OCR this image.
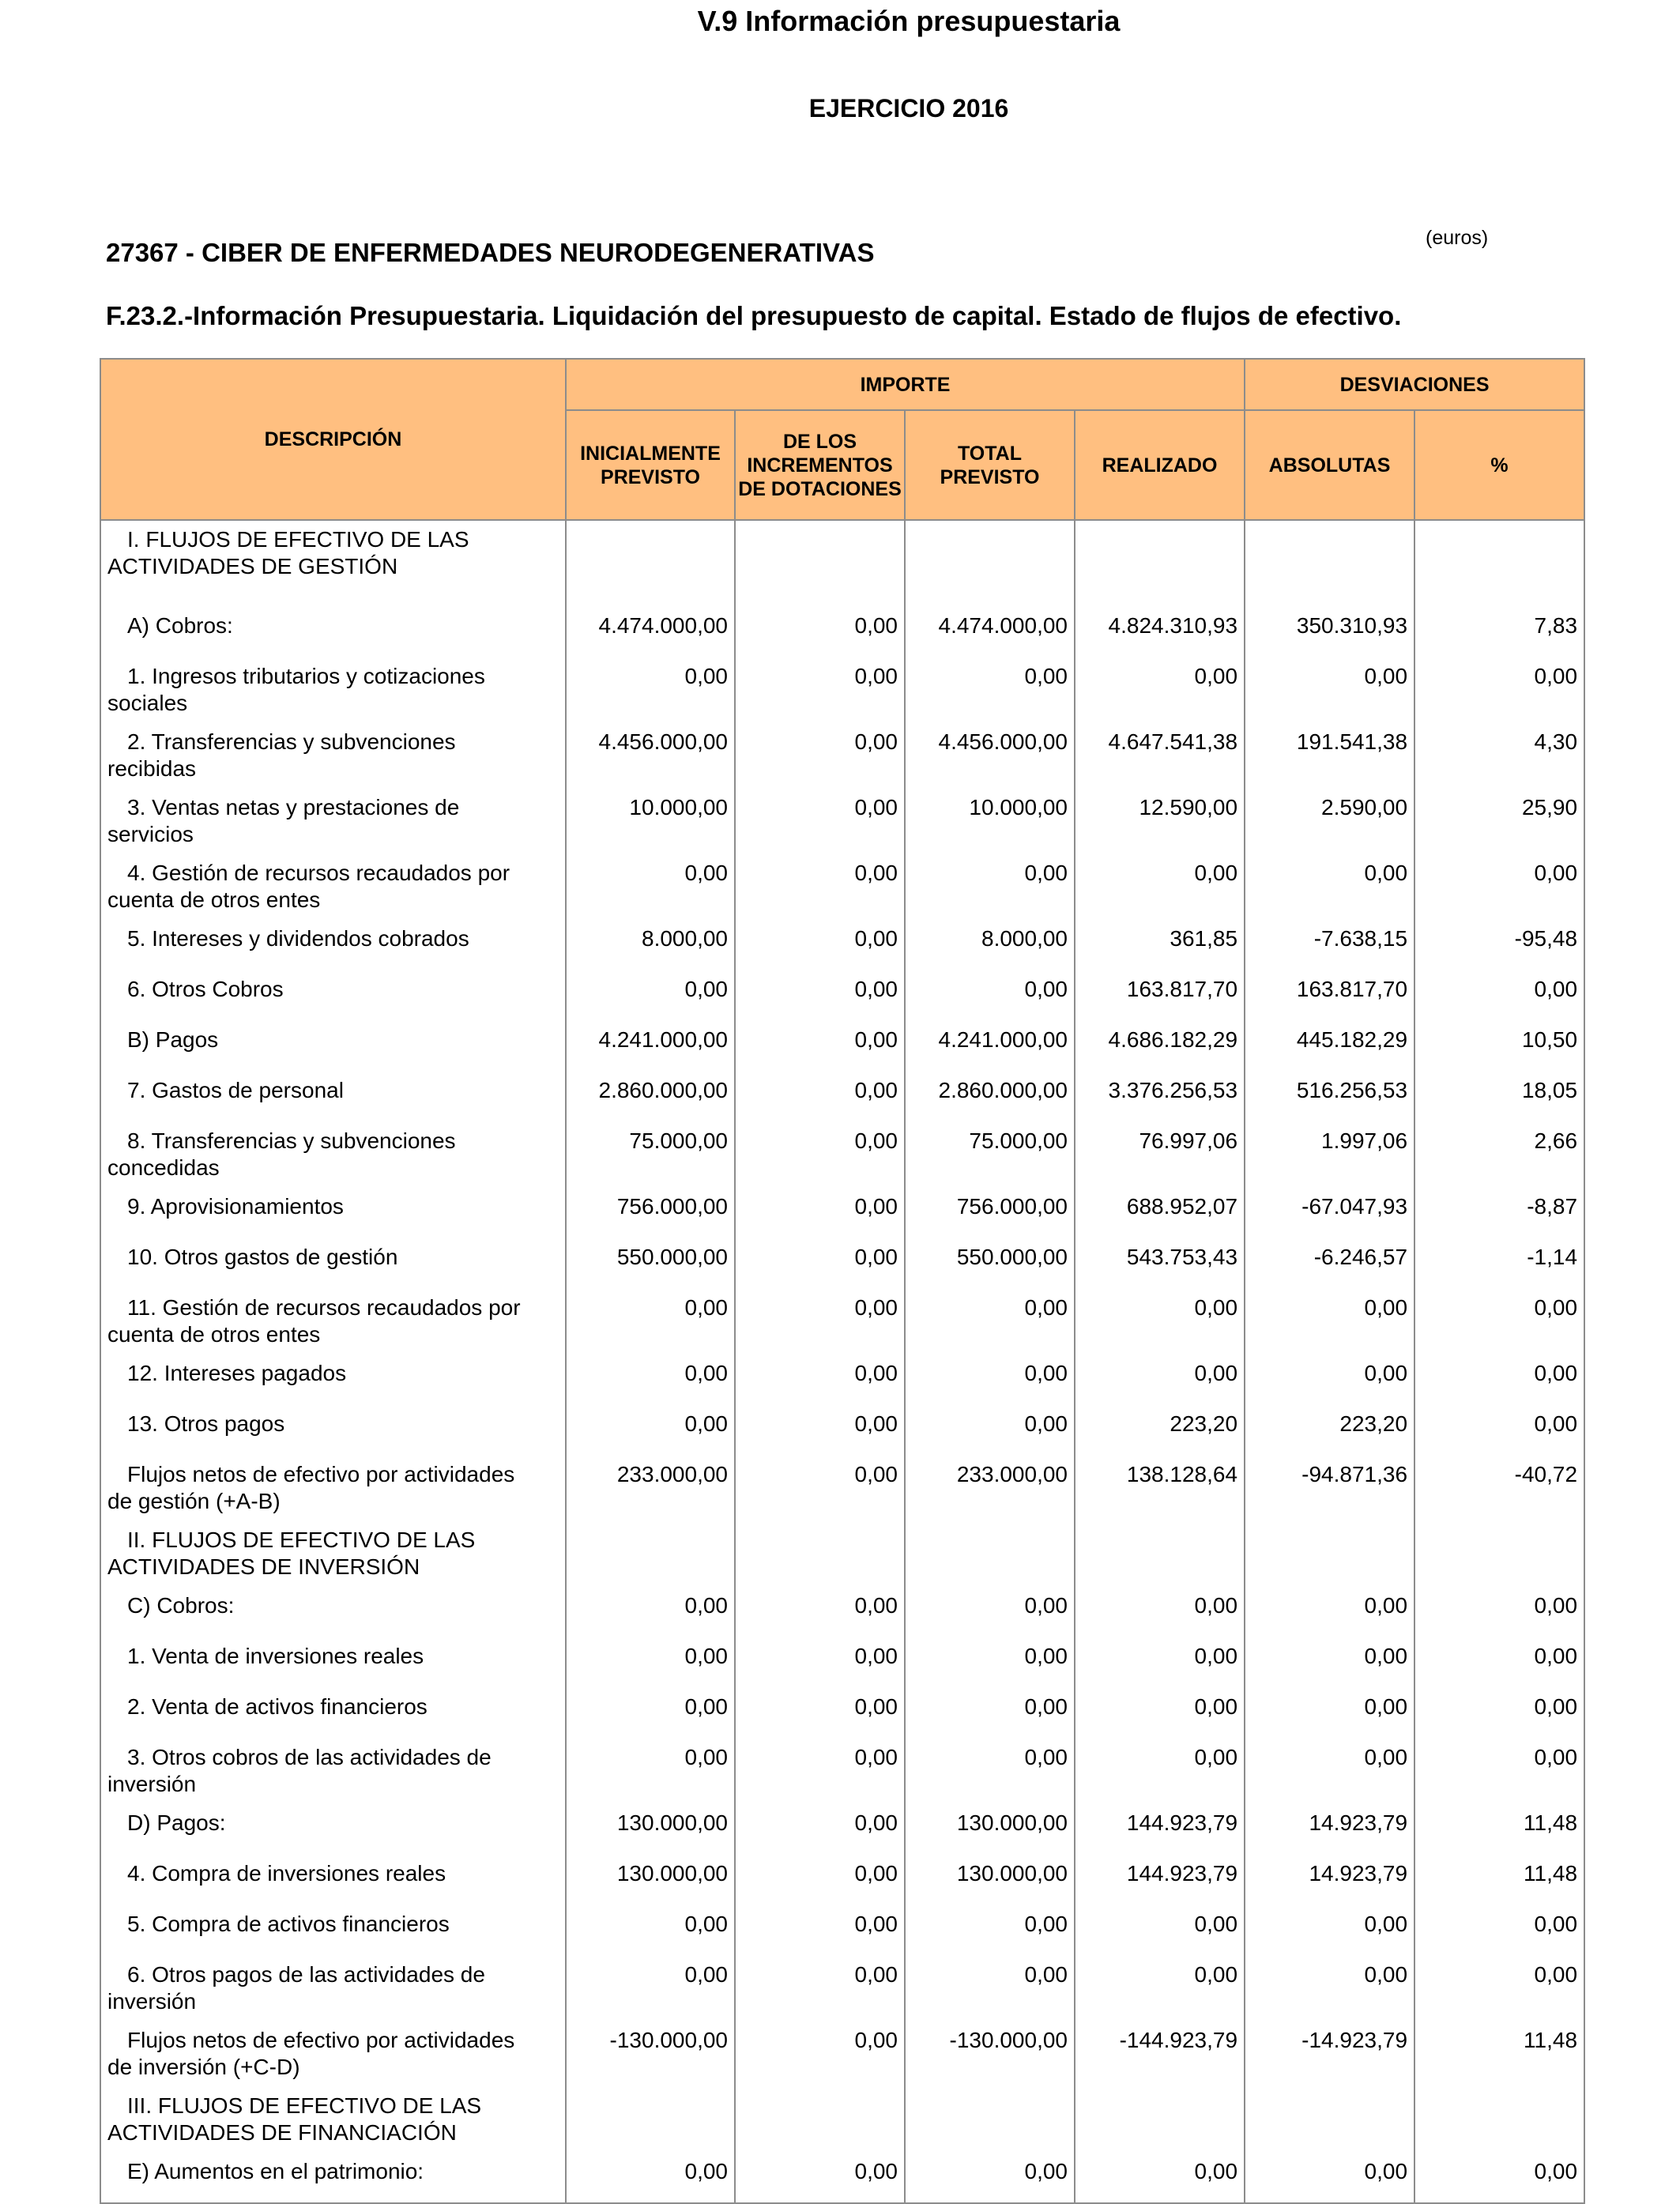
V.9 Información presupuestaria
EJERCICIO 2016
27367 - CIBER DE ENFERMEDADES NEURODEGENERATIVAS	(euros)
F.23.2.-Información Presupuestaria. Liquidación del presupuesto de capital. Estado de flujos de efectivo.
DESCRIPCIÓN	IMPORTE				DESVIACIONES	
	INICIALMENTE PREVISTO	DE LOS INCREMENTOS DE DOTACIONES	TOTAL PREVISTO	REALIZADO	ABSOLUTAS	%

I. FLUJOS DE EFECTIVO DE LAS
ACTIVIDADES DE GESTIÓN						

A) Cobros:	4.474.000,00	0,00	4.474.000,00	4.824.310,93	350.310,93	7,83

1. Ingresos tributarios y cotizaciones
sociales	0,00	0,00	0,00	0,00	0,00	0,00

2. Transferencias y subvenciones
recibidas	4.456.000,00	0,00	4.456.000,00	4.647.541,38	191.541,38	4,30

3. Ventas netas y prestaciones de
servicios	10.000,00	0,00	10.000,00	12.590,00	2.590,00	25,90

4. Gestión de recursos recaudados por
cuenta de otros entes	0,00	0,00	0,00	0,00	0,00	0,00

5. Intereses y dividendos cobrados	8.000,00	0,00	8.000,00	361,85	-7.638,15	-95,48

6. Otros Cobros	0,00	0,00	0,00	163.817,70	163.817,70	0,00

B) Pagos	4.241.000,00	0,00	4.241.000,00	4.686.182,29	445.182,29	10,50

7. Gastos de personal	2.860.000,00	0,00	2.860.000,00	3.376.256,53	516.256,53	18,05

8. Transferencias y subvenciones
concedidas	75.000,00	0,00	75.000,00	76.997,06	1.997,06	2,66

9. Aprovisionamientos	756.000,00	0,00	756.000,00	688.952,07	-67.047,93	-8,87

10. Otros gastos de gestión	550.000,00	0,00	550.000,00	543.753,43	-6.246,57	-1,14

11. Gestión de recursos recaudados por
cuenta de otros entes	0,00	0,00	0,00	0,00	0,00	0,00

12. Intereses pagados	0,00	0,00	0,00	0,00	0,00	0,00

13. Otros pagos	0,00	0,00	0,00	223,20	223,20	0,00

Flujos netos de efectivo por actividades
de gestión (+A-B)	233.000,00	0,00	233.000,00	138.128,64	-94.871,36	-40,72

II. FLUJOS DE EFECTIVO DE LAS
ACTIVIDADES DE INVERSIÓN						

C) Cobros:	0,00	0,00	0,00	0,00	0,00	0,00

1. Venta de inversiones reales	0,00	0,00	0,00	0,00	0,00	0,00

2. Venta de activos financieros	0,00	0,00	0,00	0,00	0,00	0,00

3. Otros cobros de las actividades de
inversión	0,00	0,00	0,00	0,00	0,00	0,00

D) Pagos:	130.000,00	0,00	130.000,00	144.923,79	14.923,79	11,48

4. Compra de inversiones reales	130.000,00	0,00	130.000,00	144.923,79	14.923,79	11,48

5. Compra de activos financieros	0,00	0,00	0,00	0,00	0,00	0,00

6. Otros pagos de las actividades de
inversión	0,00	0,00	0,00	0,00	0,00	0,00

Flujos netos de efectivo por actividades
de inversión (+C-D)	-130.000,00	0,00	-130.000,00	-144.923,79	-14.923,79	11,48

III. FLUJOS DE EFECTIVO DE LAS
ACTIVIDADES DE FINANCIACIÓN						

E) Aumentos en el patrimonio:	0,00	0,00	0,00	0,00	0,00	0,00
